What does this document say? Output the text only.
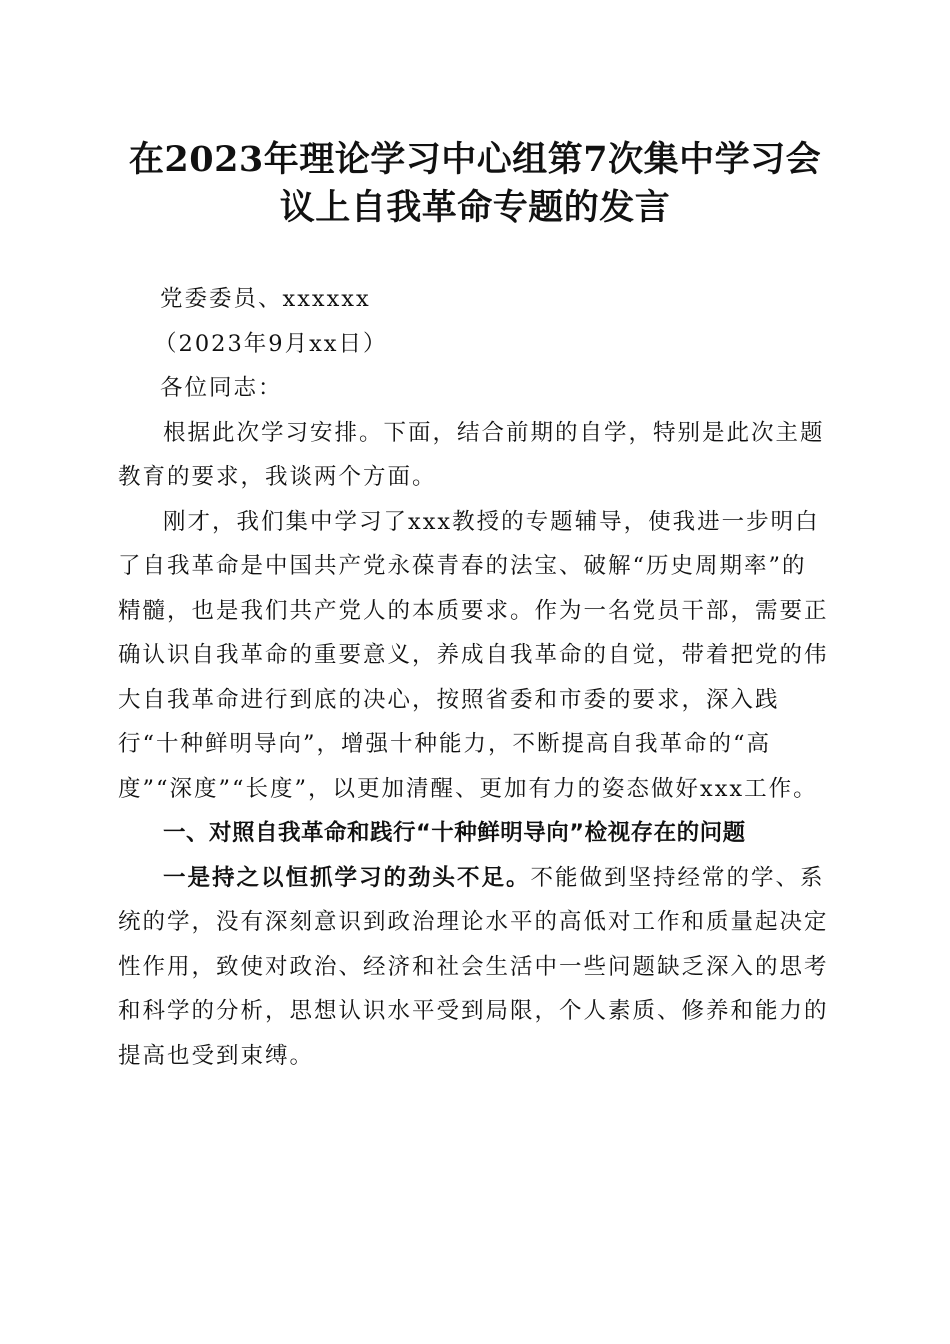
在2023年理论学习中心组第7次集中学习会
议上自我革命专题的发言

党委委员、xxxxxx

（2023年9月xx日）

各位同志：

根据此次学习安排。下面，结合前期的自学，特别是此次主题教育的要求，我谈两个方面。

刚才，我们集中学习了xxx教授的专题辅导，使我进一步明白了自我革命是中国共产党永葆青春的法宝、破解“历史周期率”的精髓，也是我们共产党人的本质要求。作为一名党员干部，需要正确认识自我革命的重要意义，养成自我革命的自觉，带着把党的伟大自我革命进行到底的决心，按照省委和市委的要求，深入践行“十种鲜明导向”，增强十种能力，不断提高自我革命的“高度”“深度”“长度”，以更加清醒、更加有力的姿态做好xxx工作。

一、对照自我革命和践行“十种鲜明导向”检视存在的问题

一是持之以恒抓学习的劲头不足。不能做到坚持经常的学、系统的学，没有深刻意识到政治理论水平的高低对工作和质量起决定性作用，致使对政治、经济和社会生活中一些问题缺乏深入的思考和科学的分析，思想认识水平受到局限，个人素质、修养和能力的提高也受到束缚。
